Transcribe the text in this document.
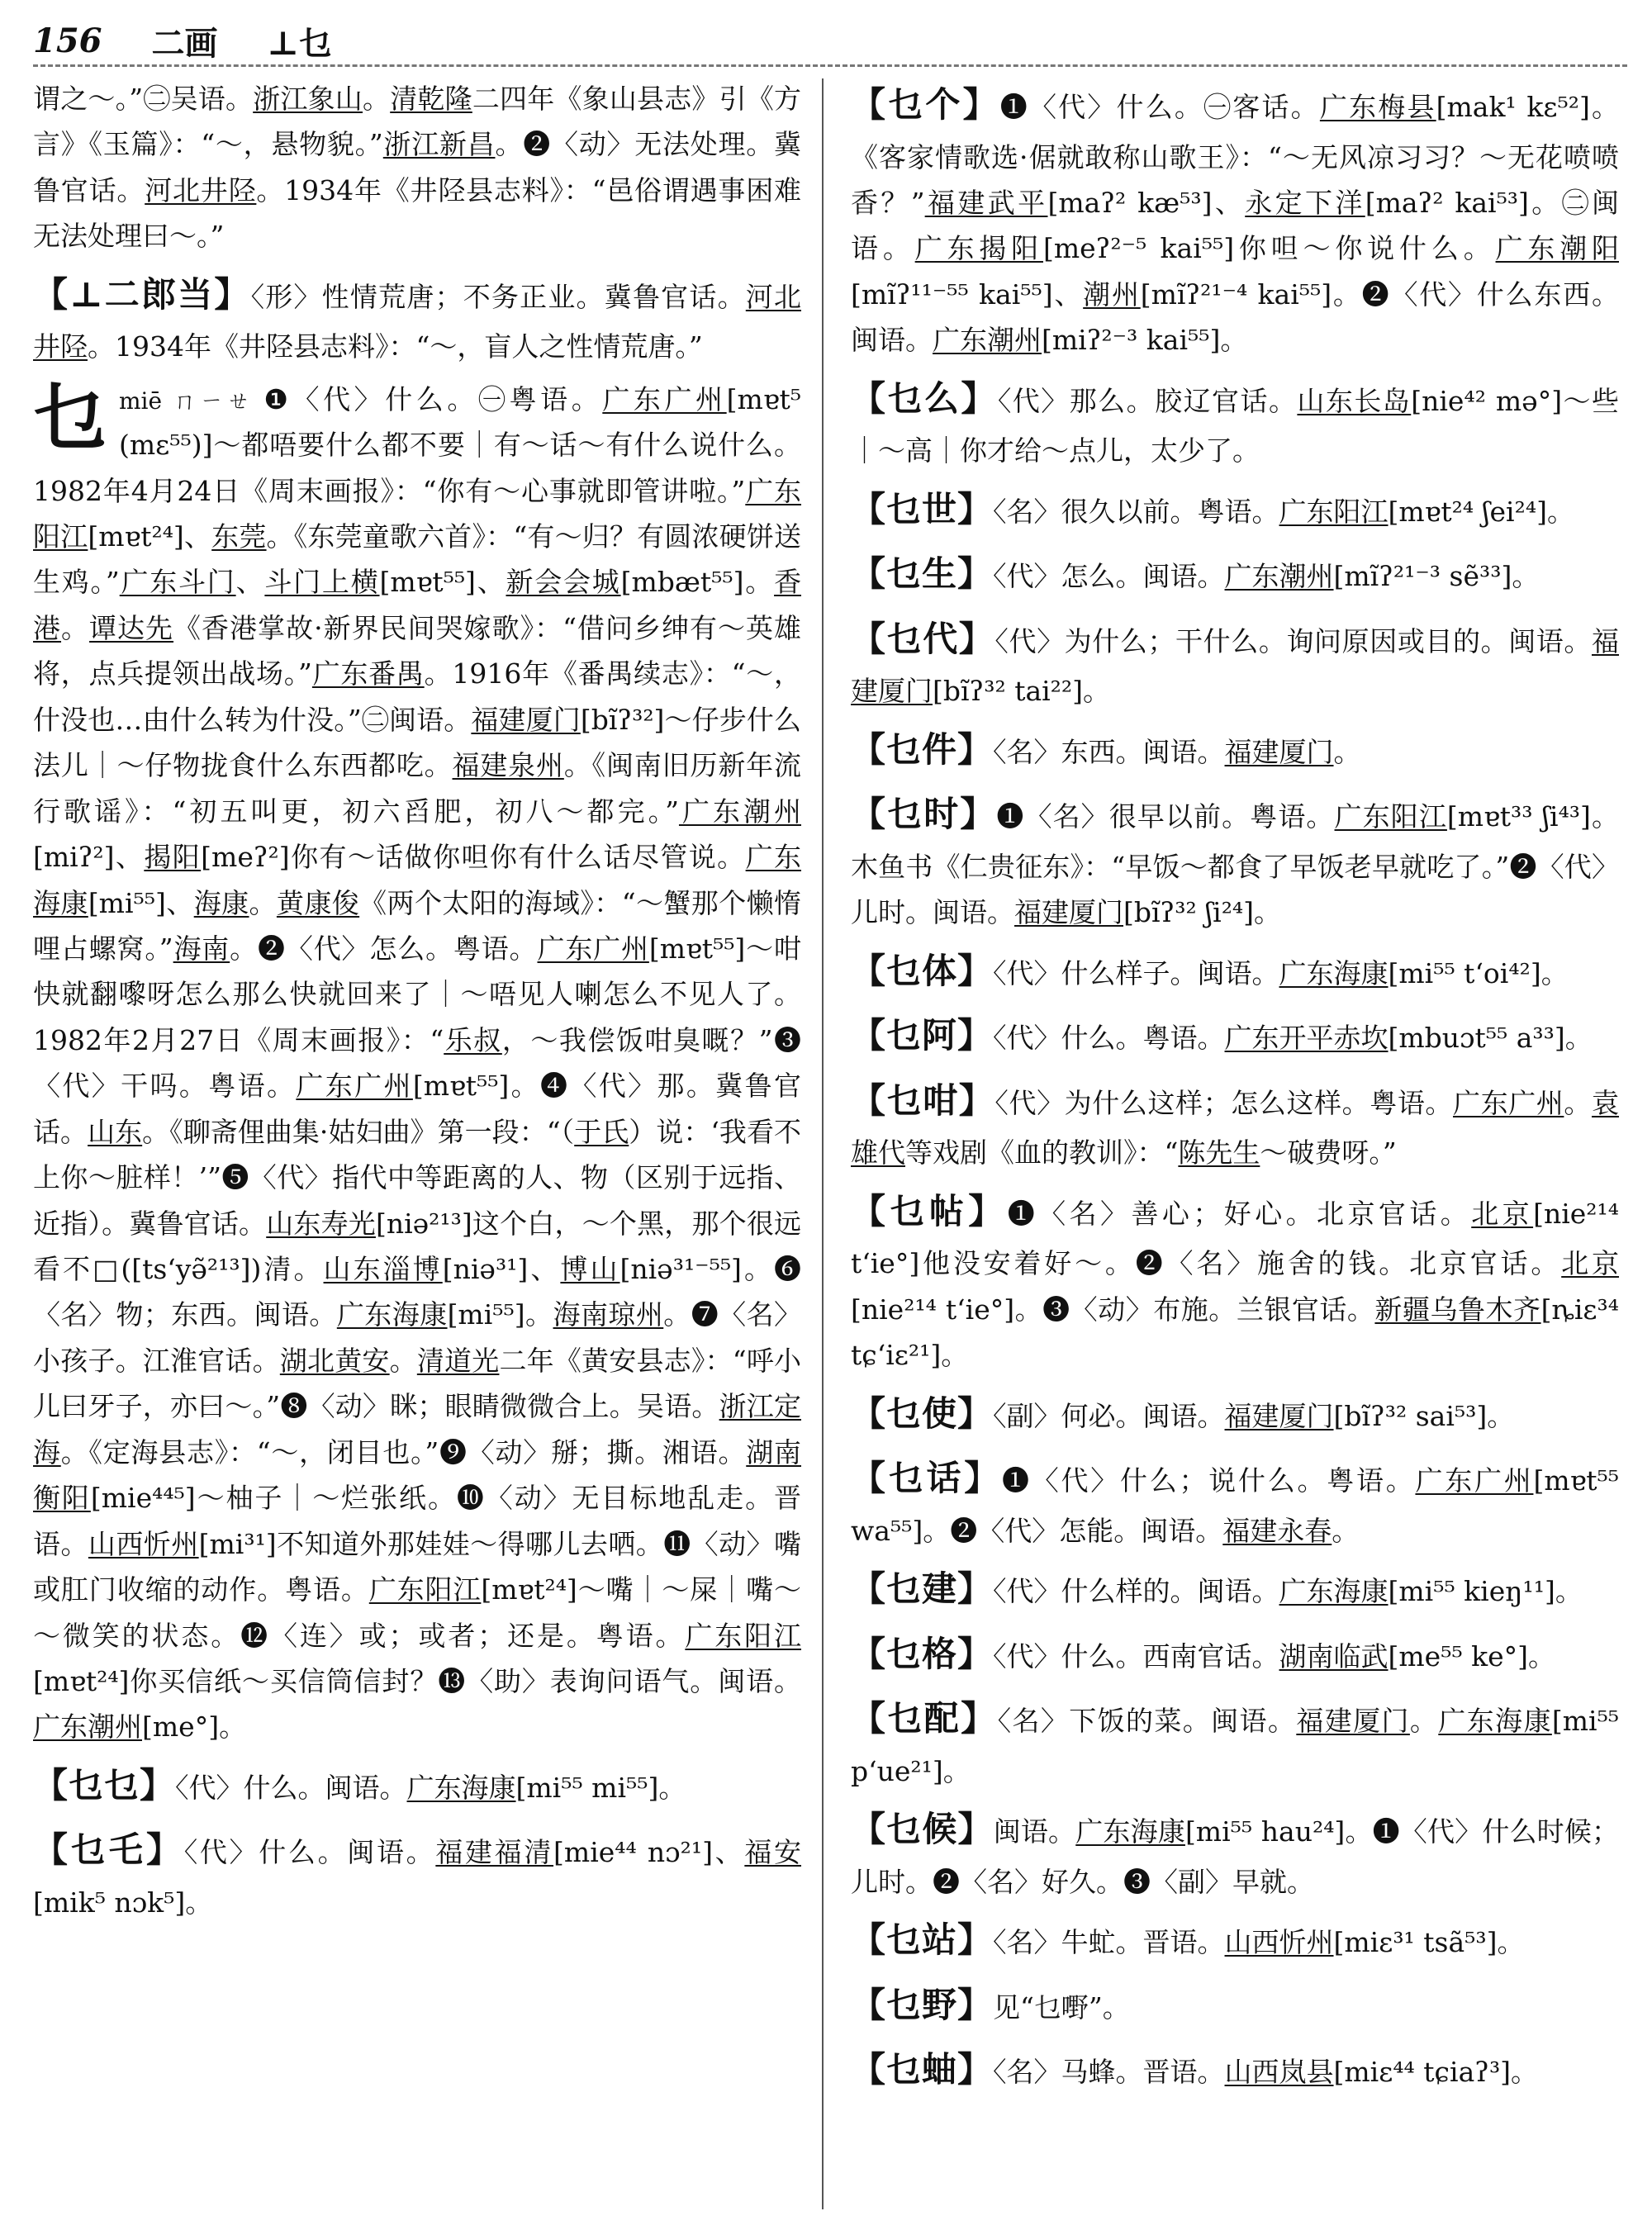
156 二画 ⊥乜
谓之～。”㊁吴语。浙江象山。清乾隆二四年《象山县志》引《方言》《玉篇》：“～，悬物貌。”浙江新昌。❷〈动〉无法处理。冀鲁官话。河北井陉。1934年《井陉县志料》：“邑俗谓遇事困难无法处理曰～。”
【⊥二郎当】〈形〉性情荒唐；不务正业。冀鲁官话。河北井陉。1934年《井陉县志料》：“～，盲人之性情荒唐。”
乜miē ㄇㄧㄝ ❶〈代〉什么。㊀粤语。广东广州[mɐt⁵ (mɛ⁵⁵)]～都唔要什么都不要｜有～话～有什么说什么。1982年4月24日《周末画报》：“你有～心事就即管讲啦。”广东阳江[mɐt²⁴]、东莞。《东莞童歌六首》：“有～归？有圆浓硬饼送生鸡。”广东斗门、斗门上横[mɐt⁵⁵]、新会会城[mbæt⁵⁵]。香港。谭达先《香港掌故·新界民间哭嫁歌》：“借问乡绅有～英雄将，点兵提领出战场。”广东番禺。1916年《番禺续志》：“～，什没也…由什么转为什没。”㊁闽语。福建厦门[bĩʔ³²]～仔步什么法儿｜～仔物拢食什么东西都吃。福建泉州。《闽南旧历新年流行歌谣》：“初五叫更，初六舀肥，初八～都完。”广东潮州[miʔ²]、揭阳[meʔ²]你有～话做你呾你有什么话尽管说。广东海康[mi⁵⁵]、海康。黄康俊《两个太阳的海域》：“～蟹那个懒惰哩占螺窝。”海南。❷〈代〉怎么。粤语。广东广州[mɐt⁵⁵]～咁快就翻嚟呀怎么那么快就回来了｜～唔见人喇怎么不见人了。1982年2月27日《周末画报》：“乐叔，～我偿饭咁臭嘅？”❸〈代〉干吗。粤语。广东广州[mɐt⁵⁵]。❹〈代〉那。冀鲁官话。山东。《聊斋俚曲集·姑妇曲》第一段：“（于氏）说：‘我看不上你～脏样！’”❺〈代〉指代中等距离的人、物（区别于远指、近指）。冀鲁官话。山东寿光[niə²¹³]这个白，～个黑，那个很远看不□([tsʻyə̃²¹³])清。山东淄博[niə³¹]、博山[niə³¹⁻⁵⁵]。❻〈名〉物；东西。闽语。广东海康[mi⁵⁵]。海南琼州。❼〈名〉小孩子。江淮官话。湖北黄安。清道光二年《黄安县志》：“呼小儿曰牙子，亦曰～。”❽〈动〉眯；眼睛微微合上。吴语。浙江定海。《定海县志》：“～，闭目也。”❾〈动〉掰；撕。湘语。湖南衡阳[mie⁴⁴⁵]～柚子｜～烂张纸。❿〈动〉无目标地乱走。晋语。山西忻州[mi³¹]不知道外那娃娃～得哪儿去哂。⓫〈动〉嘴或肛门收缩的动作。粤语。广东阳江[mɐt²⁴]～嘴｜～屎｜嘴～～微笑的状态。⓬〈连〉或；或者；还是。粤语。广东阳江[mɐt²⁴]你买信纸～买信筒信封？⓭〈助〉表询问语气。闽语。广东潮州[me°]。
【乜乜】〈代〉什么。闽语。广东海康[mi⁵⁵ mi⁵⁵]。
【乜乇】〈代〉什么。闽语。福建福清[mie⁴⁴ nɔ²¹]、福安[mik⁵ nɔk⁵]。
【乜个】❶〈代〉什么。㊀客话。广东梅县[mak¹ kɛ⁵²]。《客家情歌选·倨就敢称山歌王》：“～无风凉习习？～无花喷喷香？”福建武平[maʔ² kæ⁵³]、永定下洋[maʔ² kai⁵³]。㊁闽语。广东揭阳[meʔ²⁻⁵ kai⁵⁵]你呾～你说什么。广东潮阳[mĩʔ¹¹⁻⁵⁵ kai⁵⁵]、潮州[mĩʔ²¹⁻⁴ kai⁵⁵]。❷〈代〉什么东西。闽语。广东潮州[miʔ²⁻³ kai⁵⁵]。
【乜么】〈代〉那么。胶辽官话。山东长岛[nie⁴² mə°]～些｜～高｜你才给～点儿，太少了。
【乜世】〈名〉很久以前。粤语。广东阳江[mɐt²⁴ ʃei²⁴]。
【乜生】〈代〉怎么。闽语。广东潮州[mĩʔ²¹⁻³ sẽ³³]。
【乜代】〈代〉为什么；干什么。询问原因或目的。闽语。福建厦门[bĩʔ³² tai²²]。
【乜件】〈名〉东西。闽语。福建厦门。
【乜时】❶〈名〉很早以前。粤语。广东阳江[mɐt³³ ʃi⁴³]。木鱼书《仁贵征东》：“早饭～都食了早饭老早就吃了。”❷〈代〉儿时。闽语。福建厦门[bĩʔ³² ʃi²⁴]。
【乜体】〈代〉什么样子。闽语。广东海康[mi⁵⁵ tʻoi⁴²]。
【乜阿】〈代〉什么。粤语。广东开平赤坎[mbuɔt⁵⁵ a³³]。
【乜咁】〈代〉为什么这样；怎么这样。粤语。广东广州。袁雄代等戏剧《血的教训》：“陈先生～破费呀。”
【乜帖】❶〈名〉善心；好心。北京官话。北京[nie²¹⁴ tʻie°]他没安着好～。❷〈名〉施舍的钱。北京官话。北京[nie²¹⁴ tʻie°]。❸〈动〉布施。兰银官话。新疆乌鲁木齐[ȵiɛ³⁴ tɕʻiɛ²¹]。
【乜使】〈副〉何必。闽语。福建厦门[bĩʔ³² sai⁵³]。
【乜话】❶〈代〉什么；说什么。粤语。广东广州[mɐt⁵⁵ wa⁵⁵]。❷〈代〉怎能。闽语。福建永春。
【乜建】〈代〉什么样的。闽语。广东海康[mi⁵⁵ kieŋ¹¹]。
【乜格】〈代〉什么。西南官话。湖南临武[me⁵⁵ ke°]。
【乜配】〈名〉下饭的菜。闽语。福建厦门。广东海康[mi⁵⁵ pʻue²¹]。
【乜候】闽语。广东海康[mi⁵⁵ hau²⁴]。❶〈代〉什么时候；儿时。❷〈名〉好久。❸〈副〉早就。
【乜站】〈名〉牛虻。晋语。山西忻州[miɛ³¹ tsã⁵³]。
【乜野】见“乜嘢”。
【乜蚰】〈名〉马蜂。晋语。山西岚县[miɛ⁴⁴ tɕiaʔ³]。
